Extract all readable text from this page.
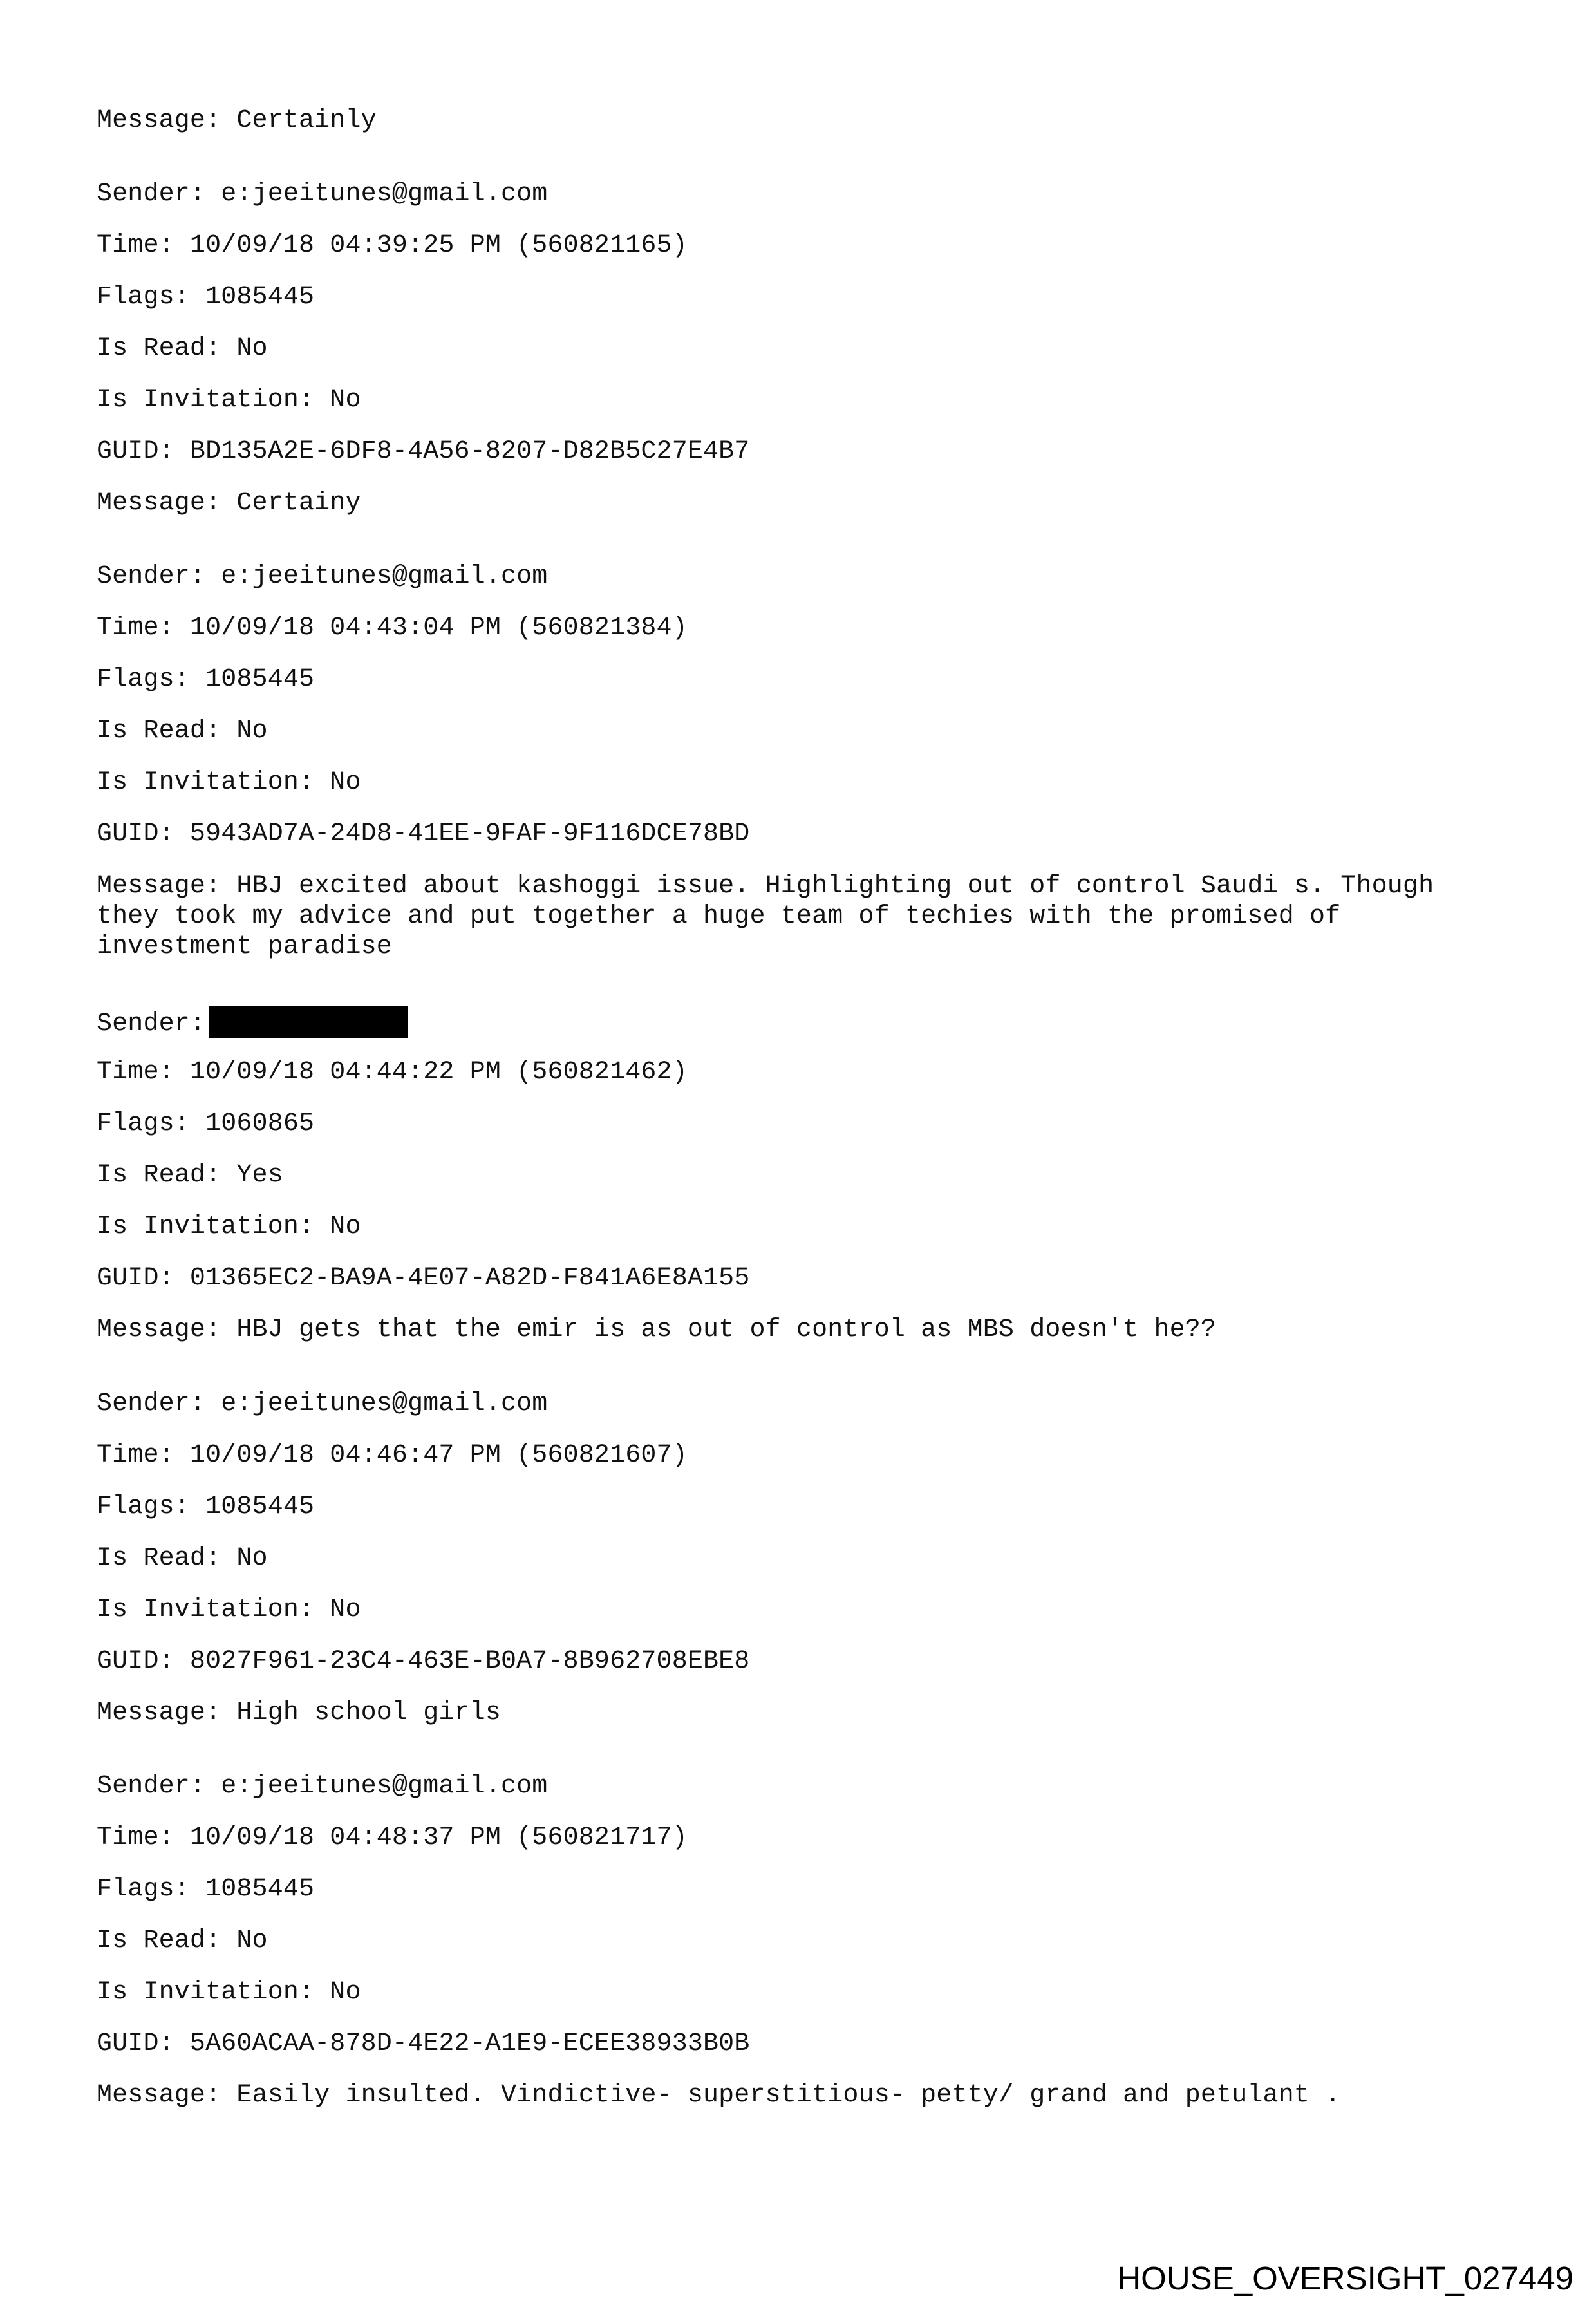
Message: Certainly
Sender: e:jeeitunes@gmail.com
Time: 10/09/18 04:39:25 PM (560821165)
Flags: 1085445
Is Read: No
Is Invitation: No
GUID: BD135A2E-6DF8-4A56-8207-D82B5C27E4B7
Message: Certainy
Sender: e:jeeitunes@gmail.com
Time: 10/09/18 04:43:04 PM (560821384)
Flags: 1085445
Is Read: No
Is Invitation: No
GUID: 5943AD7A-24D8-41EE-9FAF-9F116DCE78BD
Message: HBJ excited about kashoggi issue. Highlighting out of control Saudi s. Though
they took my advice and put together a huge team of techies with the promised of
investment paradise
Sender:
Time: 10/09/18 04:44:22 PM (560821462)
Flags: 1060865
Is Read: Yes
Is Invitation: No
GUID: 01365EC2-BA9A-4E07-A82D-F841A6E8A155
Message: HBJ gets that the emir is as out of control as MBS doesn't he??
Sender: e:jeeitunes@gmail.com
Time: 10/09/18 04:46:47 PM (560821607)
Flags: 1085445
Is Read: No
Is Invitation: No
GUID: 8027F961-23C4-463E-B0A7-8B962708EBE8
Message: High school girls
Sender: e:jeeitunes@gmail.com
Time: 10/09/18 04:48:37 PM (560821717)
Flags: 1085445
Is Read: No
Is Invitation: No
GUID: 5A60ACAA-878D-4E22-A1E9-ECEE38933B0B
Message: Easily insulted. Vindictive- superstitious- petty/ grand and petulant .
HOUSE_OVERSIGHT_027449
